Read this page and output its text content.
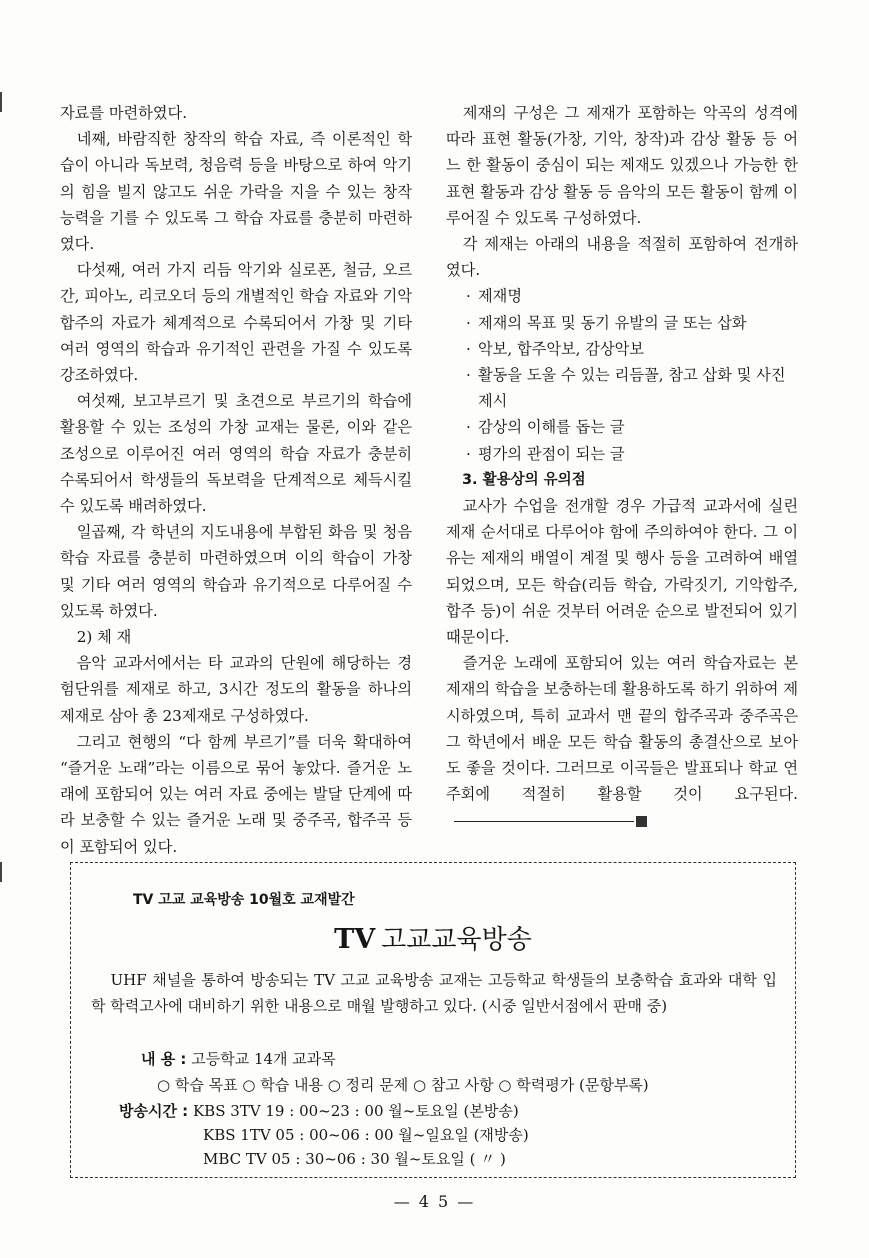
자료를 마련하였다.

네째, 바람직한 창작의 학습 자료, 즉 이론적인 학습이 아니라 독보력, 청음력 등을 바탕으로 하여 악기의 힘을 빌지 않고도 쉬운 가락을 지을 수 있는 창작 능력을 기를 수 있도록 그 학습 자료를 충분히 마련하였다.

다섯째, 여러 가지 리듬 악기와 실로폰, 철금, 오르간, 피아노, 리코오더 등의 개별적인 학습 자료와 기악 합주의 자료가 체계적으로 수록되어서 가창 및 기타 여러 영역의 학습과 유기적인 관련을 가질 수 있도록 강조하였다.

여섯째, 보고부르기 및 초견으로 부르기의 학습에 활용할 수 있는 조성의 가창 교재는 물론, 이와 같은 조성으로 이루어진 여러 영역의 학습 자료가 충분히 수록되어서 학생들의 독보력을 단계적으로 체득시킬 수 있도록 배려하였다.

일곱째, 각 학년의 지도내용에 부합된 화음 및 청음 학습 자료를 충분히 마련하였으며 이의 학습이 가창 및 기타 여러 영역의 학습과 유기적으로 다루어질 수 있도록 하였다.

2) 체 재

음악 교과서에서는 타 교과의 단원에 해당하는 경험단위를 제재로 하고, 3시간 정도의 활동을 하나의 제재로 삼아 총 23제재로 구성하였다.

그리고 현행의 “다 함께 부르기”를 더욱 확대하여 “즐거운 노래”라는 이름으로 묶어 놓았다. 즐거운 노래에 포함되어 있는 여러 자료 중에는 발달 단계에 따라 보충할 수 있는 즐거운 노래 및 중주곡, 합주곡 등이 포함되어 있다.

제재의 구성은 그 제재가 포함하는 악곡의 성격에 따라 표현 활동(가창, 기악, 창작)과 감상 활동 등 어느 한 활동이 중심이 되는 제재도 있겠으나 가능한 한 표현 활동과 감상 활동 등 음악의 모든 활동이 함께 이루어질 수 있도록 구성하였다.

각 제재는 아래의 내용을 적절히 포함하여 전개하였다.

· 제재명
· 제재의 목표 및 동기 유발의 글 또는 삽화
· 악보, 합주악보, 감상악보
· 활동을 도울 수 있는 리듬꼴, 참고 삽화 및 사진 제시
· 감상의 이해를 돕는 글
· 평가의 관점이 되는 글

3. 활용상의 유의점

교사가 수업을 전개할 경우 가급적 교과서에 실린 제재 순서대로 다루어야 함에 주의하여야 한다. 그 이유는 제재의 배열이 계절 및 행사 등을 고려하여 배열되었으며, 모든 학습(리듬 학습, 가락짓기, 기악합주, 합주 등)이 쉬운 것부터 어려운 순으로 발전되어 있기 때문이다.

즐거운 노래에 포함되어 있는 여러 학습자료는 본 제재의 학습을 보충하는데 활용하도록 하기 위하여 제시하였으며, 특히 교과서 맨 끝의 합주곡과 중주곡은 그 학년에서 배운 모든 학습 활동의 총결산으로 보아도 좋을 것이다. 그러므로 이곡들은 발표되나 학교 연주회에 적절히 활용할 것이 요구된다.

TV 고교 교육방송 10월호 교재발간
TV 고교교육방송
UHF 채널을 통하여 방송되는 TV 고교 교육방송 교재는 고등학교 학생들의 보충학습 효과와 대학 입학 학력고사에 대비하기 위한 내용으로 매월 발행하고 있다. (시중 일반서점에서 판매 중)
내 용 : 고등학교 14개 교과목
○ 학습 목표 ○ 학습 내용 ○ 정리 문제 ○ 참고 사항 ○ 학력평가 (문항부록)
방송시간 : KBS 3TV 19 : 00~23 : 00 월~토요일 (본방송)
KBS 1TV 05 : 00~06 : 00 월~일요일 (재방송)
MBC TV 05 : 30~06 : 30 월~토요일 ( 〃 )
— 4 5 —
